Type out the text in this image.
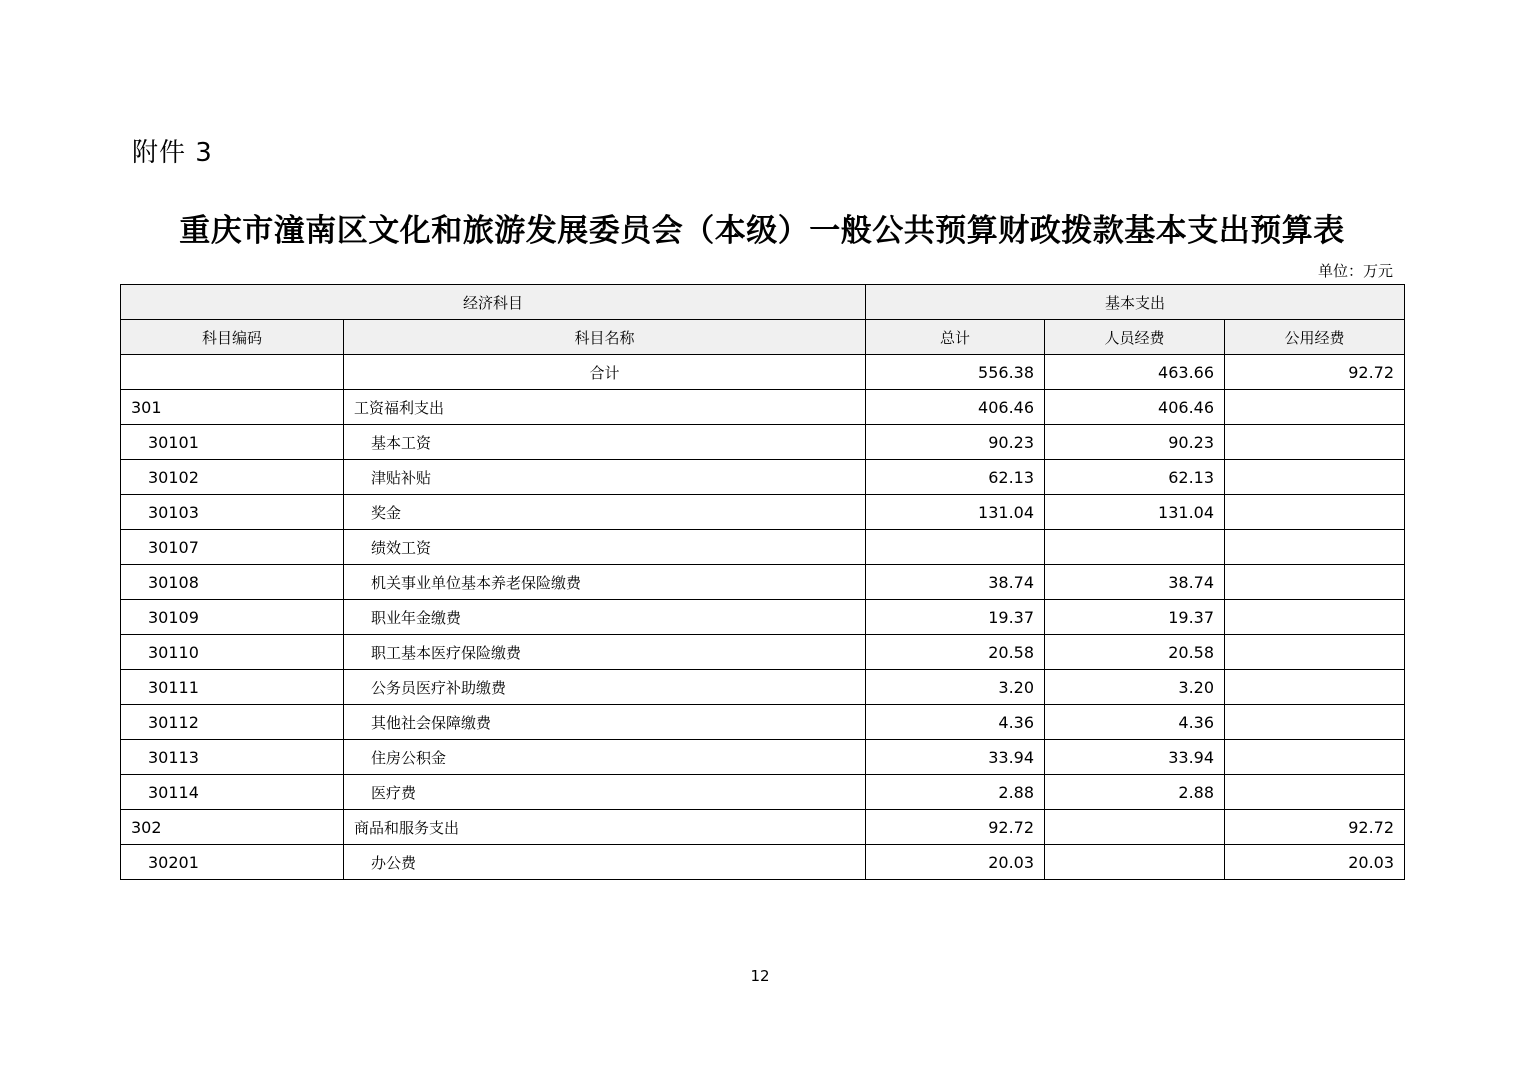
附件 3
重庆市潼南区文化和旅游发展委员会（本级）一般公共预算财政拨款基本支出预算表
单位：万元
经济科目		基本支出		
科目编码	科目名称	总计	人员经费	公用经费
	合计	556.38	463.66	92.72
301	工资福利支出	406.46	406.46	
30101	基本工资	90.23	90.23	
30102	津贴补贴	62.13	62.13	
30103	奖金	131.04	131.04	
30107	绩效工资			
30108	机关事业单位基本养老保险缴费	38.74	38.74	
30109	职业年金缴费	19.37	19.37	
30110	职工基本医疗保险缴费	20.58	20.58	
30111	公务员医疗补助缴费	3.20	3.20	
30112	其他社会保障缴费	4.36	4.36	
30113	住房公积金	33.94	33.94	
30114	医疗费	2.88	2.88	
302	商品和服务支出	92.72		92.72
30201	办公费	20.03		20.03
12
